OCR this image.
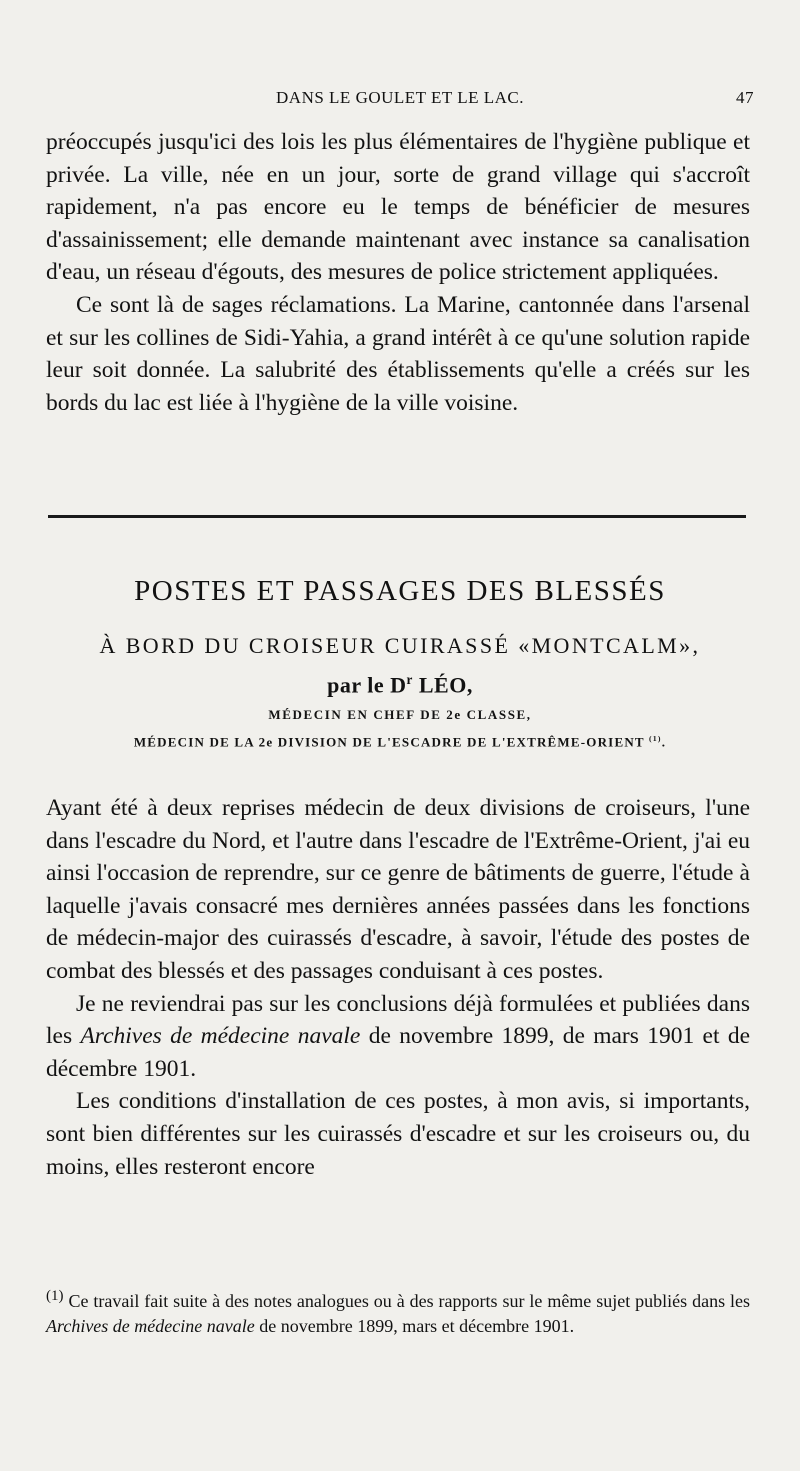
DANS LE GOULET ET LE LAC.	47

préoccupés jusqu'ici des lois les plus élémentaires de l'hygiène publique et privée. La ville, née en un jour, sorte de grand village qui s'accroît rapidement, n'a pas encore eu le temps de bénéficier de mesures d'assainissement; elle demande maintenant avec instance sa canalisation d'eau, un réseau d'égouts, des mesures de police strictement appliquées.

Ce sont là de sages réclamations. La Marine, cantonnée dans l'arsenal et sur les collines de Sidi-Yahia, a grand intérêt à ce qu'une solution rapide leur soit donnée. La salubrité des établissements qu'elle a créés sur les bords du lac est liée à l'hygiène de la ville voisine.

POSTES ET PASSAGES DES BLESSÉS
À BORD DU CROISEUR CUIRASSÉ «MONTCALM»,
par le $D^r$ LÉO,
MÉDECIN EN CHEF DE 2e CLASSE,
MÉDECIN DE LA 2e DIVISION DE L'ESCADRE DE L'EXTRÊME-ORIENT $^{(1)}$.

Ayant été à deux reprises médecin de deux divisions de croiseurs, l'une dans l'escadre du Nord, et l'autre dans l'escadre de l'Extrême-Orient, j'ai eu ainsi l'occasion de reprendre, sur ce genre de bâtiments de guerre, l'étude à laquelle j'avais consacré mes dernières années passées dans les fonctions de médecin-major des cuirassés d'escadre, à savoir, l'étude des postes de combat des blessés et des passages conduisant à ces postes.

Je ne reviendrai pas sur les conclusions déjà formulées et publiées dans les Archives de médecine navale de novembre 1899, de mars 1901 et de décembre 1901.

Les conditions d'installation de ces postes, à mon avis, si importants, sont bien différentes sur les cuirassés d'escadre et sur les croiseurs ou, du moins, elles resteront encore

$^{(1)}$ Ce travail fait suite à des notes analogues ou à des rapports sur le même sujet publiés dans les Archives de médecine navale de novembre 1899, mars et décembre 1901.
